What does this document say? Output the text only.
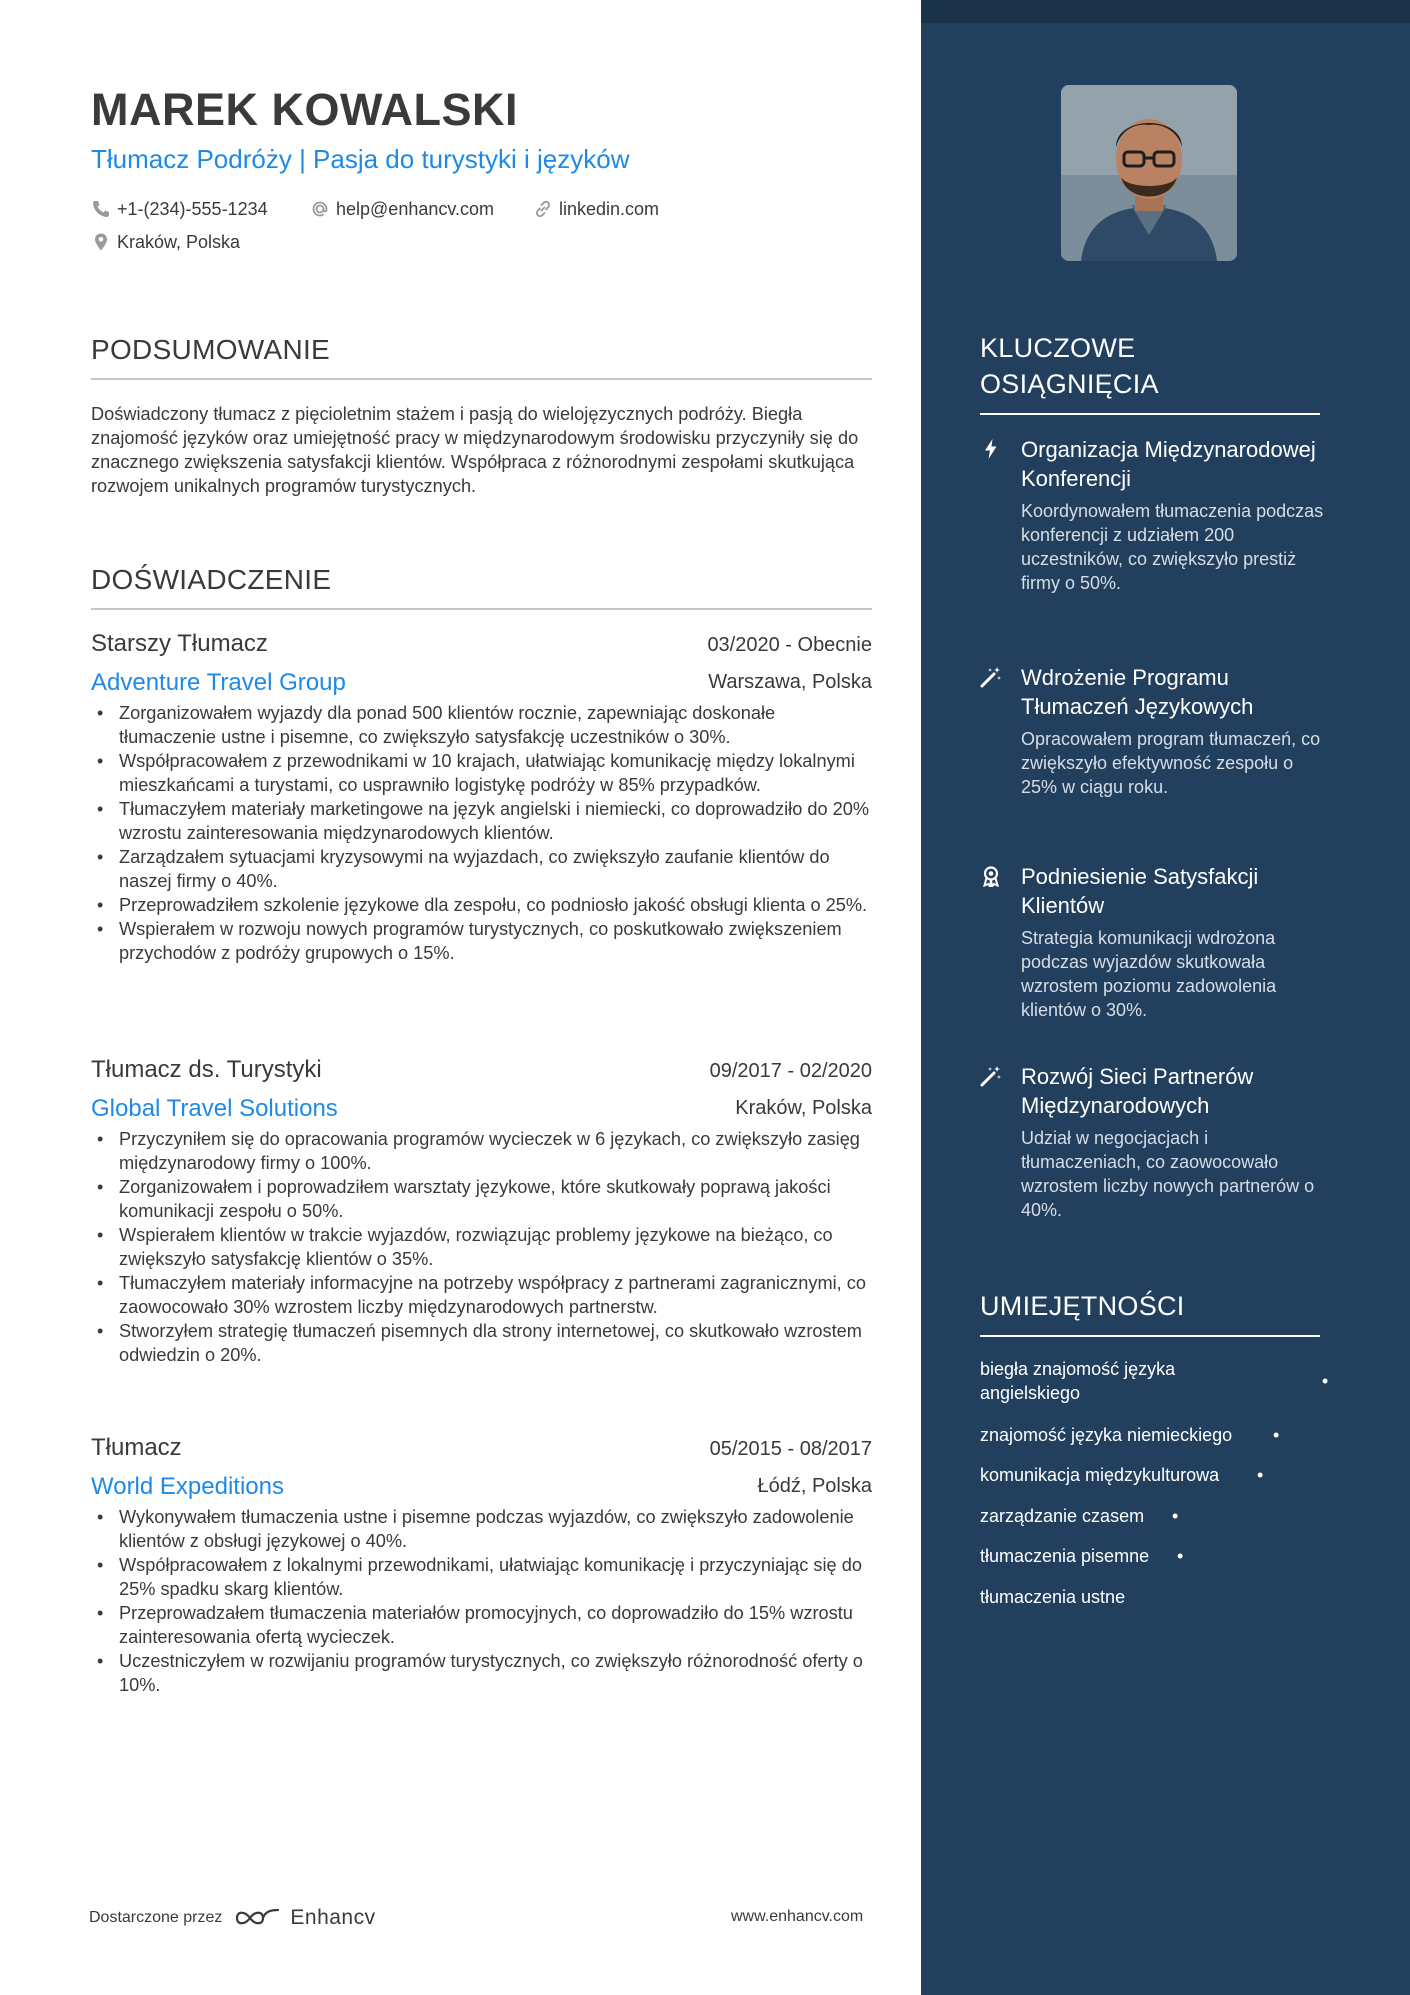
MAREK KOWALSKI
Tłumacz Podróży | Pasja do turystyki i języków
+1-(234)-555-1234	help@enhancv.com	linkedin.com
Kraków, Polska
PODSUMOWANIE
Doświadczony tłumacz z pięcioletnim stażem i pasją do wielojęzycznych podróży. Biegła znajomość języków oraz umiejętność pracy w międzynarodowym środowisku przyczyniły się do znacznego zwiększenia satysfakcji klientów. Współpraca z różnorodnymi zespołami skutkująca rozwojem unikalnych programów turystycznych.
DOŚWIADCZENIE
Starszy Tłumacz	03/2020 - Obecnie
Adventure Travel Group	Warszawa, Polska
• Zorganizowałem wyjazdy dla ponad 500 klientów rocznie, zapewniając doskonałe tłumaczenie ustne i pisemne, co zwiększyło satysfakcję uczestników o 30%.
• Współpracowałem z przewodnikami w 10 krajach, ułatwiając komunikację między lokalnymi mieszkańcami a turystami, co usprawniło logistykę podróży w 85% przypadków.
• Tłumaczyłem materiały marketingowe na język angielski i niemiecki, co doprowadziło do 20% wzrostu zainteresowania międzynarodowych klientów.
• Zarządzałem sytuacjami kryzysowymi na wyjazdach, co zwiększyło zaufanie klientów do naszej firmy o 40%.
• Przeprowadziłem szkolenie językowe dla zespołu, co podniosło jakość obsługi klienta o 25%.
• Wspierałem w rozwoju nowych programów turystycznych, co poskutkowało zwiększeniem przychodów z podróży grupowych o 15%.
Tłumacz ds. Turystyki	09/2017 - 02/2020
Global Travel Solutions	Kraków, Polska
• Przyczyniłem się do opracowania programów wycieczek w 6 językach, co zwiększyło zasięg międzynarodowy firmy o 100%.
• Zorganizowałem i poprowadziłem warsztaty językowe, które skutkowały poprawą jakości komunikacji zespołu o 50%.
• Wspierałem klientów w trakcie wyjazdów, rozwiązując problemy językowe na bieżąco, co zwiększyło satysfakcję klientów o 35%.
• Tłumaczyłem materiały informacyjne na potrzeby współpracy z partnerami zagranicznymi, co zaowocowało 30% wzrostem liczby międzynarodowych partnerstw.
• Stworzyłem strategię tłumaczeń pisemnych dla strony internetowej, co skutkowało wzrostem odwiedzin o 20%.
Tłumacz	05/2015 - 08/2017
World Expeditions	Łódź, Polska
• Wykonywałem tłumaczenia ustne i pisemne podczas wyjazdów, co zwiększyło zadowolenie klientów z obsługi językowej o 40%.
• Współpracowałem z lokalnymi przewodnikami, ułatwiając komunikację i przyczyniając się do 25% spadku skarg klientów.
• Przeprowadzałem tłumaczenia materiałów promocyjnych, co doprowadziło do 15% wzrostu zainteresowania ofertą wycieczek.
• Uczestniczyłem w rozwijaniu programów turystycznych, co zwiększyło różnorodność oferty o 10%.
Dostarczone przez	Enhancv	www.enhancv.com
KLUCZOWE
OSIĄGNIĘCIA
Organizacja Międzynarodowej Konferencji
Koordynowałem tłumaczenia podczas konferencji z udziałem 200 uczestników, co zwiększyło prestiż firmy o 50%.
Wdrożenie Programu Tłumaczeń Językowych
Opracowałem program tłumaczeń, co zwiększyło efektywność zespołu o 25% w ciągu roku.
Podniesienie Satysfakcji Klientów
Strategia komunikacji wdrożona podczas wyjazdów skutkowała wzrostem poziomu zadowolenia klientów o 30%.
Rozwój Sieci Partnerów Międzynarodowych
Udział w negocjacjach i tłumaczeniach, co zaowocowało wzrostem liczby nowych partnerów o 40%.
UMIEJĘTNOŚCI
biegła znajomość języka angielskiego
•
znajomość języka niemieckiego •
komunikacja międzykulturowa •
zarządzanie czasem •
tłumaczenia pisemne •
tłumaczenia ustne
